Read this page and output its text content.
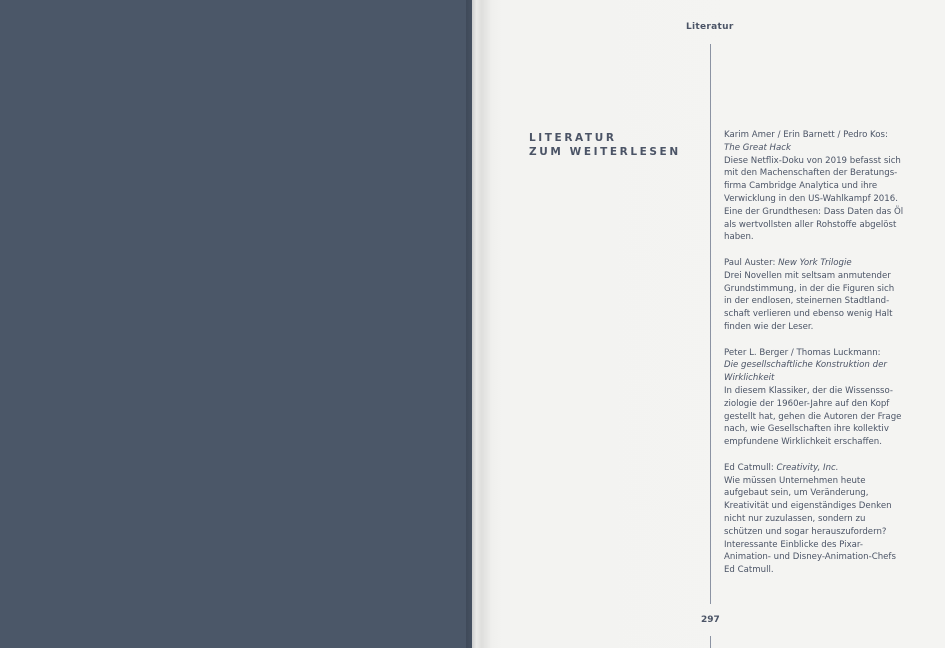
Literatur
LITERATUR
ZUM WEITERLESEN
Karim Amer / Erin Barnett / Pedro Kos:
The Great Hack
Diese Netflix-Doku von 2019 befasst sich
mit den Machenschaften der Beratungs-
firma Cambridge Analytica und ihre
Verwicklung in den US-Wahlkampf 2016.
Eine der Grundthesen: Dass Daten das Öl
als wertvollsten aller Rohstoffe abgelöst
haben.
Paul Auster: New York Trilogie
Drei Novellen mit seltsam anmutender
Grundstimmung, in der die Figuren sich
in der endlosen, steinernen Stadtland-
schaft verlieren und ebenso wenig Halt
finden wie der Leser.
Peter L. Berger / Thomas Luckmann:
Die gesellschaftliche Konstruktion der Wirklichkeit
In diesem Klassiker, der die Wissensso-
ziologie der 1960er-Jahre auf den Kopf
gestellt hat, gehen die Autoren der Frage
nach, wie Gesellschaften ihre kollektiv
empfundene Wirklichkeit erschaffen.
Ed Catmull: Creativity, Inc.
Wie müssen Unternehmen heute
aufgebaut sein, um Veränderung,
Kreativität und eigenständiges Denken
nicht nur zuzulassen, sondern zu
schützen und sogar herauszufordern?
Interessante Einblicke des Pixar-
Animation- und Disney-Animation-Chefs
Ed Catmull.
297
